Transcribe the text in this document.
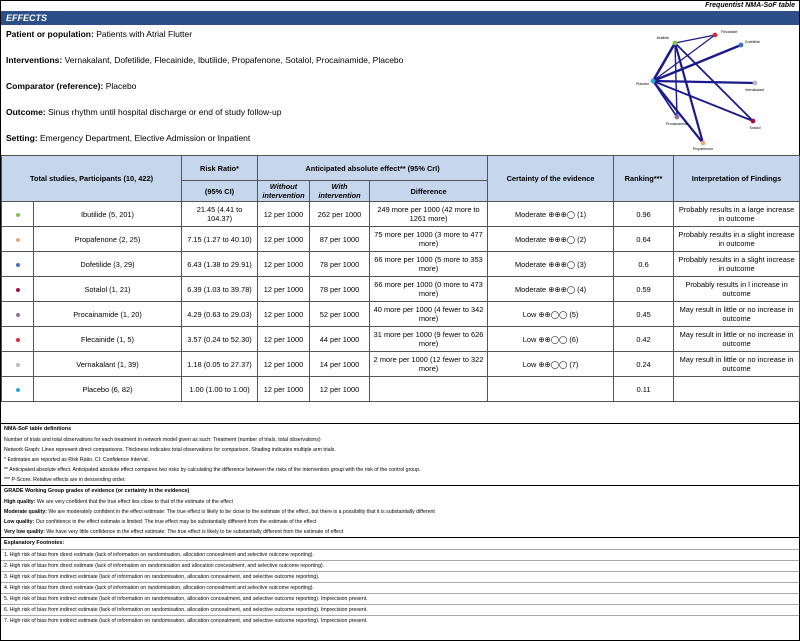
Frequentist NMA-SoF table
EFFECTS

Patient or population: Patients with Atrial Flutter

Interventions: Vernakalant, Dofetilide, Flecainide, Ibutilide, Propafenone, Sotalol, Procainamide, Placebo

Comparator (reference): Placebo

Outcome: Sinus rhythm until hospital discharge or end of study follow-up

Setting: Emergency Department, Elective Admission or Inpatient

Ibutilide
Flecainide
Dofetilide
Vernakalant
Placebo
Procainamide
Sotalol
Propafenone
Total studies, Participants (10, 422)		Risk Ratio*	Anticipated absolute effect** (95% CrI)			Certainty of the evidence	Ranking***	Interpretation of Findings
		(95% CI)	Without intervention	With intervention	Difference			
	Ibutilide (5, 201)	21.45 (4.41 to 104.37)	12 per 1000	262 per 1000	249 more per 1000 (42 more to 1261 more)	Moderate ⊕⊕⊕◯ (1)	0.96	Probably results in a large increase in outcome
	Propafenone (2, 25)	7.15 (1.27 to 40.10)	12 per 1000	87 per 1000	75 more per 1000 (3 more to 477 more)	Moderate ⊕⊕⊕◯ (2)	0.64	Probably results in a slight increase in outcome
	Dofetilide (3, 29)	6.43 (1.38 to 29.91)	12 per 1000	78 per 1000	66 more per 1000 (5 more to 353 more)	Moderate ⊕⊕⊕◯ (3)	0.6	Probably results in a slight increase in outcome
	Sotalol (1, 21)	6.39 (1.03 to 39.78)	12 per 1000	78 per 1000	66 more per 1000 (0 more to 473 more)	Moderate ⊕⊕⊕◯ (4)	0.59	Probably results in l increase in outcome
	Procainamide (1, 20)	4.29 (0.63 to 29.03)	12 per 1000	52 per 1000	40 more per 1000 (4 fewer to 342 more)	Low ⊕⊕◯◯ (5)	0.45	May result in little or no increase in outcome
	Flecainide (1, 5)	3.57 (0.24 to 52.30)	12 per 1000	44 per 1000	31 more per 1000 (9 fewer to 626 more)	Low ⊕⊕◯◯ (6)	0.42	May result in little or no increase in outcome
	Vernakalant (1, 39)	1.18 (0.05 to 27.37)	12 per 1000	14 per 1000	2 more per 1000 (12 fewer to 322 more)	Low ⊕⊕◯◯ (7)	0.24	May result in little or no increase in outcome
	Placebo (6, 82)	1.00 (1.00 to 1.00)	12 per 1000	12 per 1000			0.11	
NMA-SoF table definitions
Number of trials and total observations for each treatment in network model given as such: Treatment (number of trials, total observations)
Network Graph: Lines represent direct comparisons. Thickness indicates total observations for comparison. Shading indicates multiple arm trials.
* Estimates are reported as Risk Ratio. CI: Confidence Interval.
** Anticipated absolute effect. Anticipated absolute effect compares two risks by calculating the difference between the risks of the intervention group with the risk of the control group.
*** P-Score. Relative effects are in descending order.
GRADE Working Group grades of evidence (or certainty in the evidence)
High quality: We are very confident that the true effect lies close to that of the estimate of the effect
Moderate quality: We are moderately confident in the effect estimate: The true effect is likely to be close to the estimate of the effect, but there is a possibility that it is substantially different
Low quality: Our confidence in the effect estimate is limited: The true effect may be substantially different from the estimate of the effect
Very low quality: We have very little confidence in the effect estimate: The true effect is likely to be substantially different from the estimate of effect
Explanatory Footnotes:
1. High risk of bias from direct estimate (lack of information on randomisation, allocation concealment and selective outcome reporting).
2. High risk of bias from direct estimate (lack of information on randomisation and allocation concealment, and selective outcome reporting).
3. High risk of bias from indirect estimate (lack of information on randomisation, allocation concealment, and selective outcome reporting).
4. High risk of bias from direct estimate (lack of information on randomisation, allocation concealment and selective outcome reporting).
5. High risk of bias from indirect estimate (lack of information on randomisation, allocation concealment, and selective outcome reporting). Imprecision present.
6. High risk of bias from indirect estimate (lack of information on randomisation, allocation concealment, and selective outcome reporting). Imprecision present.
7. High risk of bias from indirect estimate (lack of information on randomisation, allocation concealment, and selective outcome reporting). Imprecision present.
